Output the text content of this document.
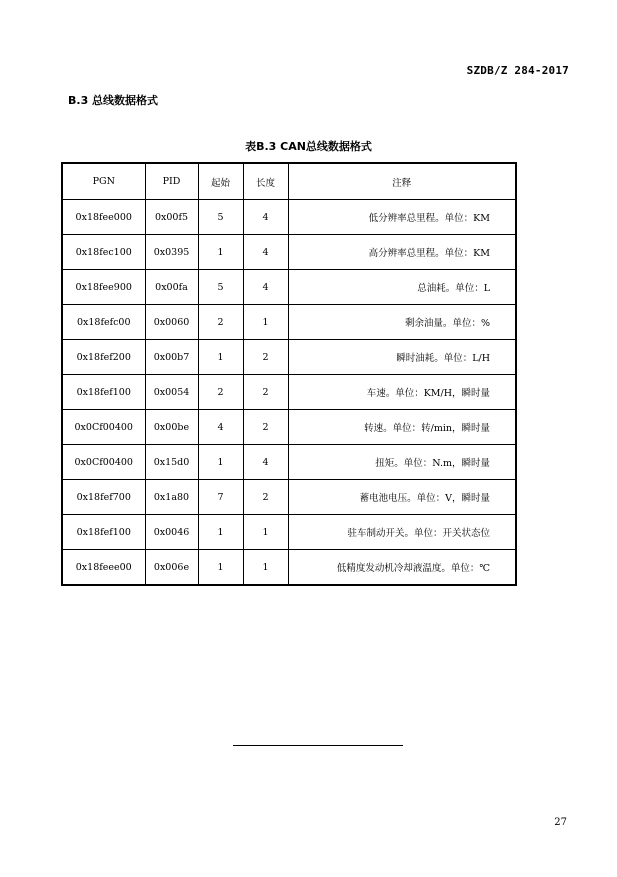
SZDB/Z 284-2017
B.3 总线数据格式
表B.3 CAN总线数据格式
PGN	PID	起始	长度	注释
0x18fee000	0x00f5	5	4	低分辨率总里程。单位：KM
0x18fec100	0x0395	1	4	高分辨率总里程。单位：KM
0x18fee900	0x00fa	5	4	总油耗。单位：L
0x18fefc00	0x0060	2	1	剩余油量。单位：%
0x18fef200	0x00b7	1	2	瞬时油耗。单位：L/H
0x18fef100	0x0054	2	2	车速。单位：KM/H，瞬时量
0x0Cf00400	0x00be	4	2	转速。单位：转/min，瞬时量
0x0Cf00400	0x15d0	1	4	扭矩。单位：N.m，瞬时量
0x18fef700	0x1a80	7	2	蓄电池电压。单位：V，瞬时量
0x18fef100	0x0046	1	1	驻车制动开关。单位：开关状态位
0x18feee00	0x006e	1	1	低精度发动机冷却液温度。单位：℃
27
